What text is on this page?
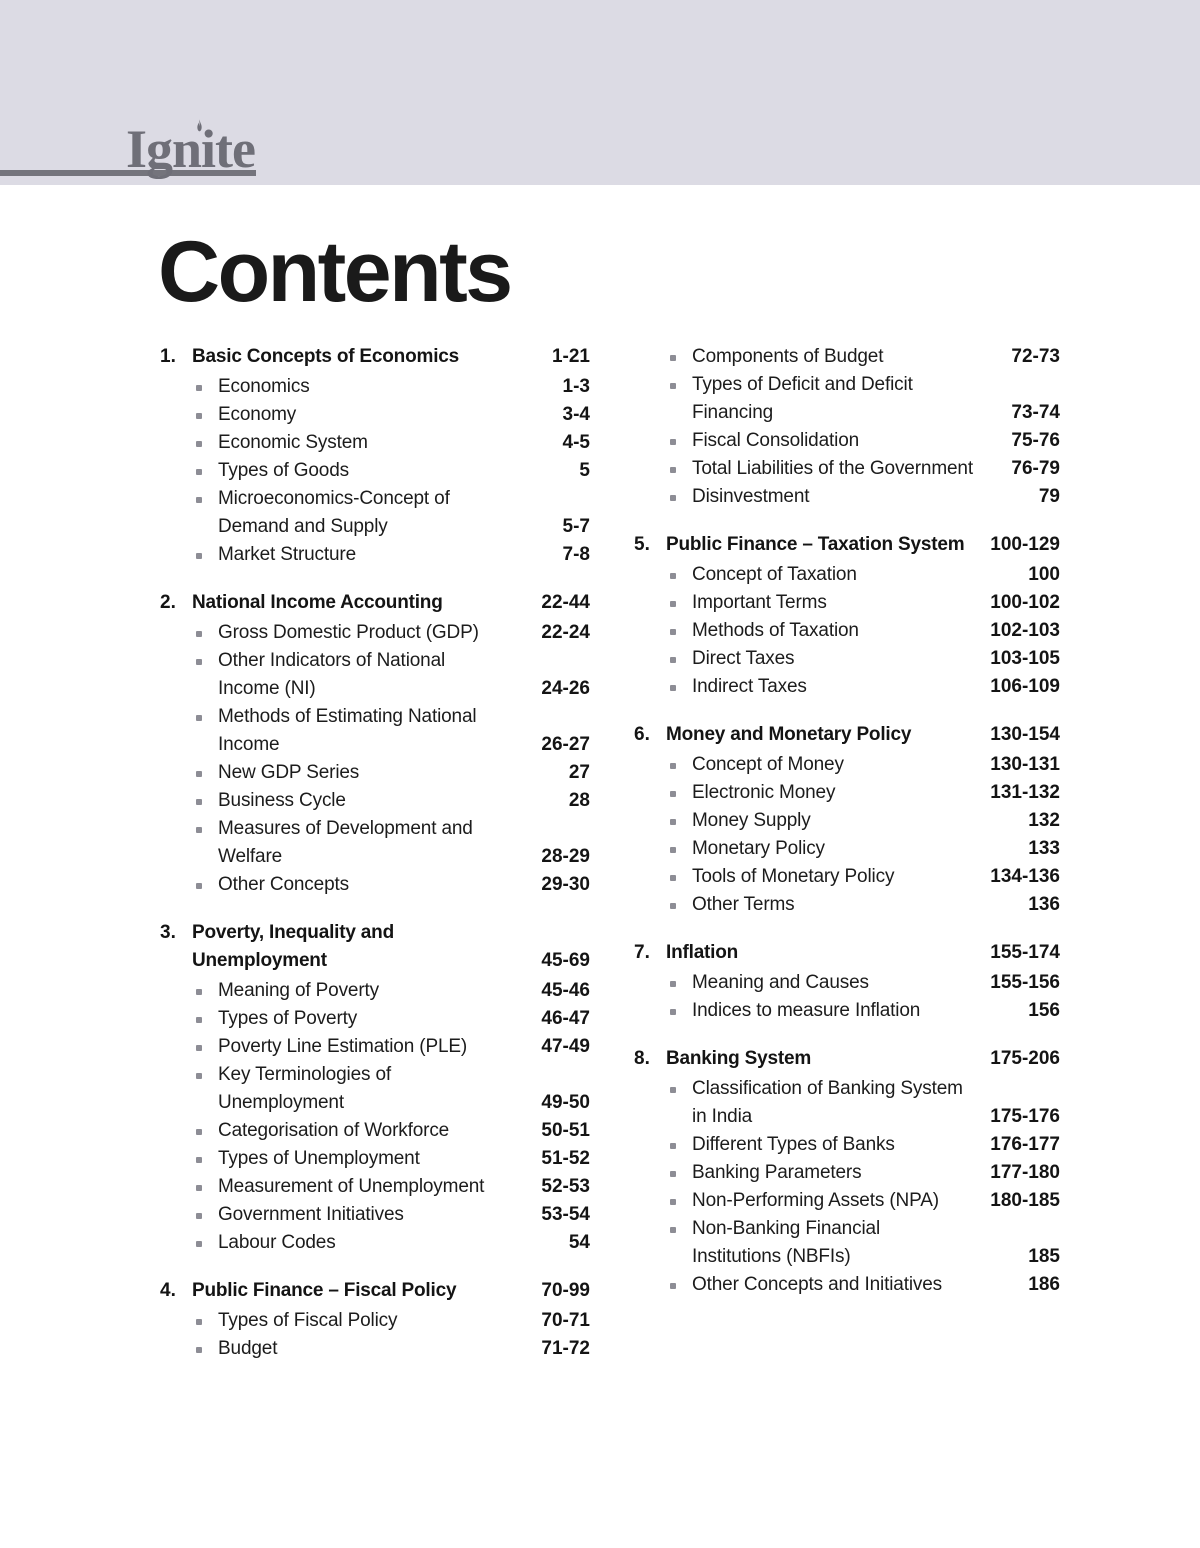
Ignite
Contents
1. Basic Concepts of Economics	1-21
Economics	1-3
Economy	3-4
Economic System	4-5
Types of Goods	5
Microeconomics-Concept of Demand and Supply	5-7
Market Structure	7-8
2. National Income Accounting	22-44
Gross Domestic Product (GDP)	22-24
Other Indicators of National Income (NI)	24-26
Methods of Estimating National Income	26-27
New GDP Series	27
Business Cycle	28
Measures of Development and Welfare	28-29
Other Concepts	29-30
3. Poverty, Inequality and Unemployment	45-69
Meaning of Poverty	45-46
Types of Poverty	46-47
Poverty Line Estimation (PLE)	47-49
Key Terminologies of Unemployment	49-50
Categorisation of Workforce	50-51
Types of Unemployment	51-52
Measurement of Unemployment	52-53
Government Initiatives	53-54
Labour Codes	54
4. Public Finance – Fiscal Policy	70-99
Types of Fiscal Policy	70-71
Budget	71-72
Components of Budget	72-73
Types of Deficit and Deficit Financing	73-74
Fiscal Consolidation	75-76
Total Liabilities of the Government 76-79
Disinvestment	79
5. Public Finance – Taxation System	100-129
Concept of Taxation	100
Important Terms	100-102
Methods of Taxation	102-103
Direct Taxes	103-105
Indirect Taxes	106-109
6. Money and Monetary Policy	130-154
Concept of Money	130-131
Electronic Money	131-132
Money Supply	132
Monetary Policy	133
Tools of Monetary Policy	134-136
Other Terms	136
7. Inflation	155-174
Meaning and Causes	155-156
Indices to measure Inflation	156
8. Banking System	175-206
Classification of Banking System in India	175-176
Different Types of Banks	176-177
Banking Parameters	177-180
Non-Performing Assets (NPA)	180-185
Non-Banking Financial Institutions (NBFIs)	185
Other Concepts and Initiatives	186
